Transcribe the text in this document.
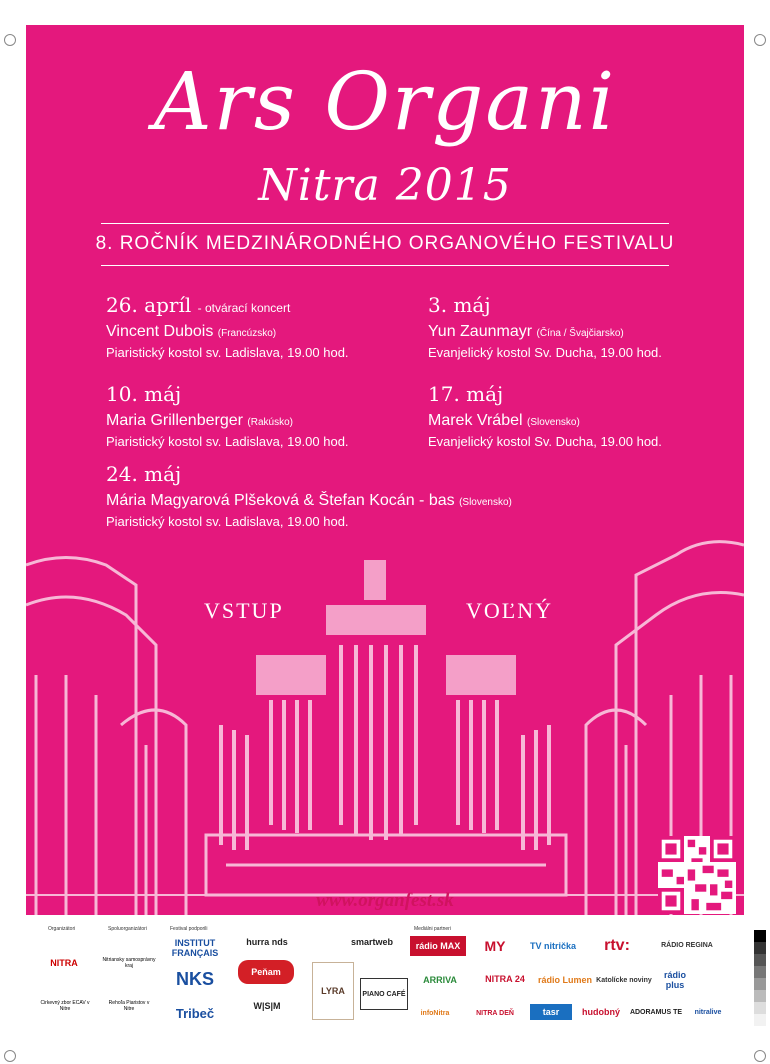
Ars Organi
Nitra 2015
8. ROČNÍK MEDZINÁRODNÉHO ORGANOVÉHO FESTIVALU
26. apríl - otvárací koncert
Vincent Dubois (Francúzsko)
Piaristický kostol sv. Ladislava, 19.00 hod.
3. máj
Yun Zaunmayr (Čína / Švajčiarsko)
Evanjelický kostol Sv. Ducha, 19.00 hod.
10. máj
Maria Grillenberger (Rakúsko)
Piaristický kostol sv. Ladislava, 19.00 hod.
17. máj
Marek Vrábel (Slovensko)
Evanjelický kostol Sv. Ducha, 19.00 hod.
24. máj
Mária Magyarová Plšeková & Štefan Kocán - bas (Slovensko)
Piaristický kostol sv. Ladislava, 19.00 hod.
VSTUP	VOĽNÝ
www.organfest.sk
Organizátori	Spoluorganizátori	Festival podporili	Mediálni partneri
NITRA
Cirkevný zbor ECAV v Nitre
Nitriansky samosprávny kraj
Rehoľa Piaristov v Nitre
INSTITUT FRANÇAIS
NKS
Tribeč
hurra nds
Peňam
W|S|M
LYRA	PIANO CAFÉ
smartweb	rádio MAX	MY	TV nitrička	rtv:	RÁDIO REGINA
ARRIVA	NITRA 24	rádio Lumen Katolícke noviny	rádio plus
nitralive
tasr	hudobný	ADORAMUS TE
NITRA DEŇ
infoNitra
